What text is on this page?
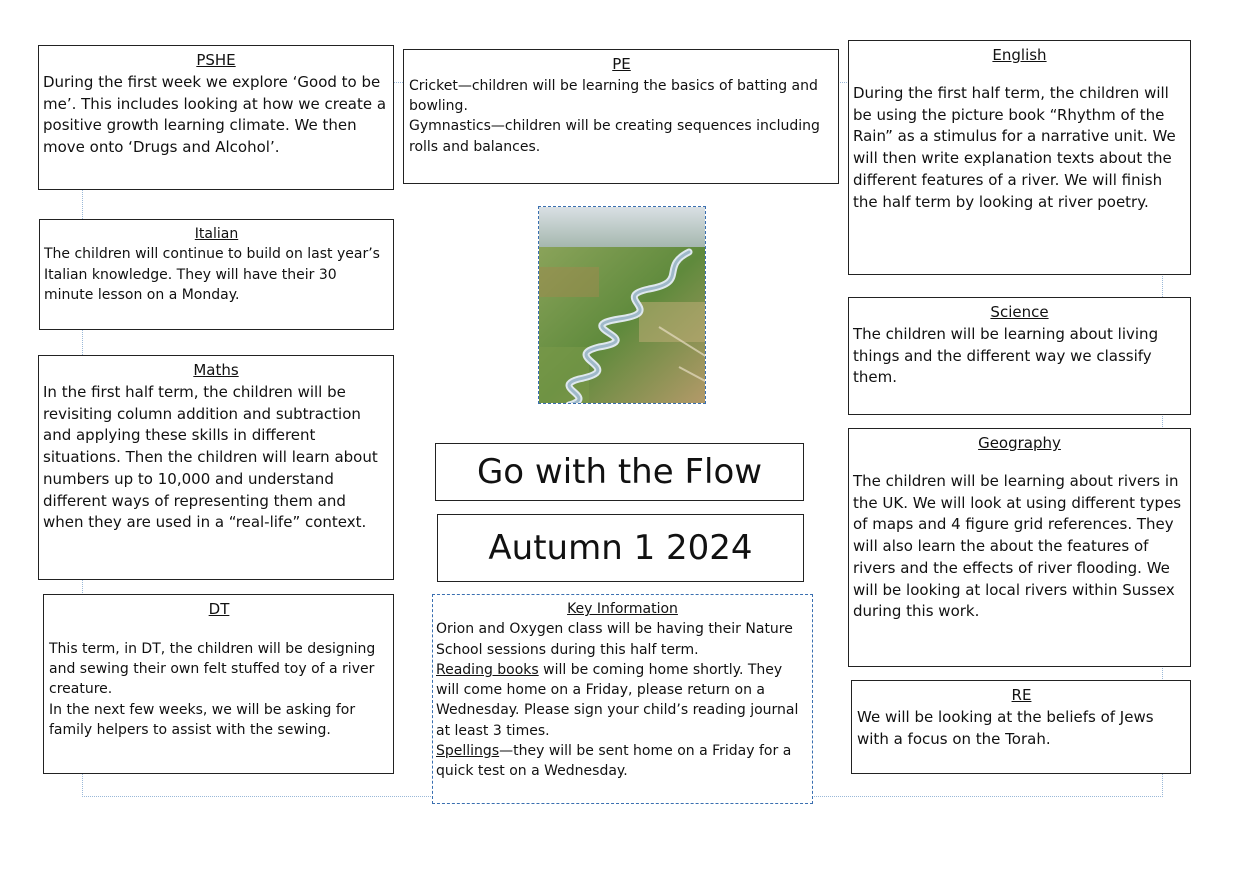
PSHE
During the first week we explore ‘Good to be me’. This includes looking at how we create a positive growth learning climate. We then move onto ‘Drugs and Alcohol’.
PE
Cricket—children will be learning the basics of batting and bowling.
Gymnastics—children will be creating sequences including rolls and balances.
English
During the first half term, the children will be using the picture book “Rhythm of the Rain” as a stimulus for a narrative unit. We will then write explanation texts about the different features of a river. We will finish the half term by looking at river poetry.
Italian
The children will continue to build on last year’s Italian knowledge. They will have their 30 minute lesson on a Monday.
Maths
In the first half term, the children will be revisiting column addition and subtraction and applying these skills in different situations. Then the children will learn about numbers up to 10,000 and understand different ways of representing them and when they are used in a “real-life” context.
Science
The children will be learning about living things and the different way we classify them.
Go with the Flow
Autumn 1 2024
Geography
The children will be learning about rivers in the UK. We will look at using different types of maps and 4 figure grid references. They will also learn the about the features of rivers and the effects of river flooding. We will be looking at local rivers within Sussex during this work.
DT
This term, in DT, the children will be designing and sewing their own felt stuffed toy of a river creature.
In the next few weeks, we will be asking for family helpers to assist with the sewing.
Key Information
Orion and Oxygen class will be having their Nature School sessions during this half term.
Reading books will be coming home shortly. They will come home on a Friday, please return on a Wednesday. Please sign your child’s reading journal at least 3 times.
Spellings—they will be sent home on a Friday for a quick test on a Wednesday.
RE
We will be looking at the beliefs of Jews with a focus on the Torah.
